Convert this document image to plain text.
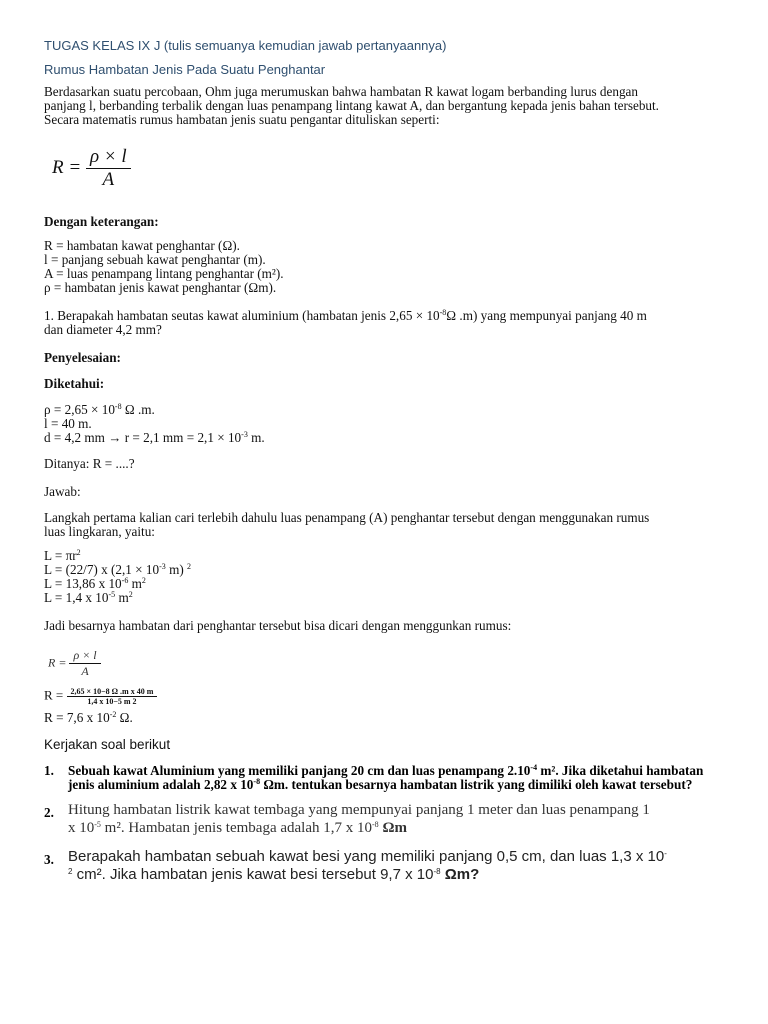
TUGAS KELAS IX J (tulis semuanya kemudian jawab pertanyaannya)
Rumus Hambatan Jenis Pada Suatu Penghantar
Berdasarkan suatu percobaan, Ohm juga merumuskan bahwa hambatan R kawat logam berbanding lurus dengan
panjang l, berbanding terbalik dengan luas penampang lintang kawat A, dan bergantung kepada jenis bahan tersebut.
Secara matematis rumus hambatan jenis suatu pengantar dituliskan seperti:
$R = \frac{\rho \times l}{A}$
Dengan keterangan:
R = hambatan kawat penghantar (Ω).
l = panjang sebuah kawat penghantar (m).
A = luas penampang lintang penghantar (m²).
ρ = hambatan jenis kawat penghantar (Ωm).
1. Berapakah hambatan seutas kawat aluminium (hambatan jenis $2,65 \times 10^{-8}\Omega$ .m) yang mempunyai panjang 40 m
dan diameter 4,2 mm?
Penyelesaian:
Diketahui:
$\rho = 2,65 \times 10^{-8}$ Ω .m.
l = 40 m.
d = 4,2 mm → r = 2,1 mm = $2,1 \times 10^{-3}$ m.
Ditanya: R = ....?
Jawab:
Langkah pertama kalian cari terlebih dahulu luas penampang (A) penghantar tersebut dengan menggunakan rumus
luas lingkaran, yaitu:
$L = \pi r^2$
L = (22/7) x ($2,1 \times 10^{-3}$ m) $^2$
L = 13,86 x $10^{-6}$ $m^2$
L = 1,4 x $10^{-5}$ $m^2$
Jadi besarnya hambatan dari penghantar tersebut bisa dicari dengan menggunkan rumus:
$R = \frac{\rho \times l}{A}$
$R = \frac{\text{2,65 × 10−8 Ω .m x 40 m}}{1,4 x 10-5 m 2}$
R = 7,6 x $10^{-2}$ Ω.
Kerjakan soal berikut
1. Sebuah kawat Aluminium yang memiliki panjang 20 cm dan luas penampang $2.10^{-4}$ m². Jika diketahui hambatan
jenis aluminium adalah 2,82 x $10^{-8}$ Ωm. tentukan besarnya hambatan listrik yang dimiliki oleh kawat tersebut?
2. Hitung hambatan listrik kawat tembaga yang mempunyai panjang 1 meter dan luas penampang 1
x $10^{-5}$ m². Hambatan jenis tembaga adalah 1,7 x $10^{-8}$ Ωm
3. Berapakah hambatan sebuah kawat besi yang memiliki panjang 0,5 cm, dan luas 1,3 x 10-
$^2$ cm². Jika hambatan jenis kawat besi tersebut 9,7 x $10^{-8}$ Ωm?
